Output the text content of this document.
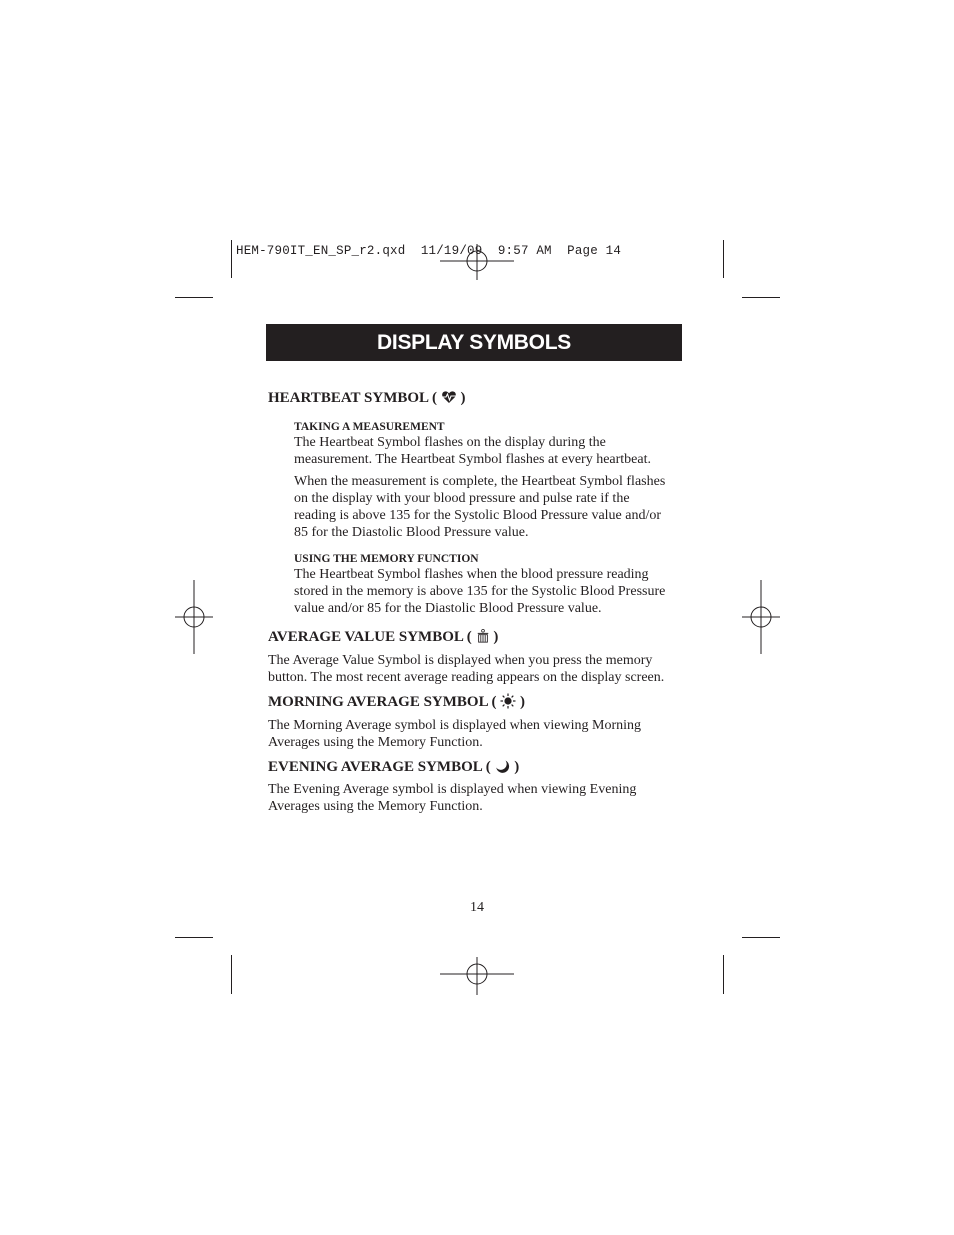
HEM-790IT_EN_SP_r2.qxd  11/19/09  9:57 AM  Page 14
DISPLAY SYMBOLS
HEARTBEAT SYMBOL ( )
TAKING A MEASUREMENT
The Heartbeat Symbol flashes on the display during the
measurement. The Heartbeat Symbol flashes at every heartbeat.
When the measurement is complete, the Heartbeat Symbol flashes
on the display with your blood pressure and pulse rate if the
reading is above 135 for the Systolic Blood Pressure value and/or
85 for the Diastolic Blood Pressure value.
USING THE MEMORY FUNCTION
The Heartbeat Symbol flashes when the blood pressure reading
stored in the memory is above 135 for the Systolic Blood Pressure
value and/or 85 for the Diastolic Blood Pressure value.
AVERAGE VALUE SYMBOL ( )
The Average Value Symbol is displayed when you press the memory
button. The most recent average reading appears on the display screen.
MORNING AVERAGE SYMBOL ( )
The Morning Average symbol is displayed when viewing Morning
Averages using the Memory Function.
EVENING AVERAGE SYMBOL ( )
The Evening Average symbol is displayed when viewing Evening
Averages using the Memory Function.
14
